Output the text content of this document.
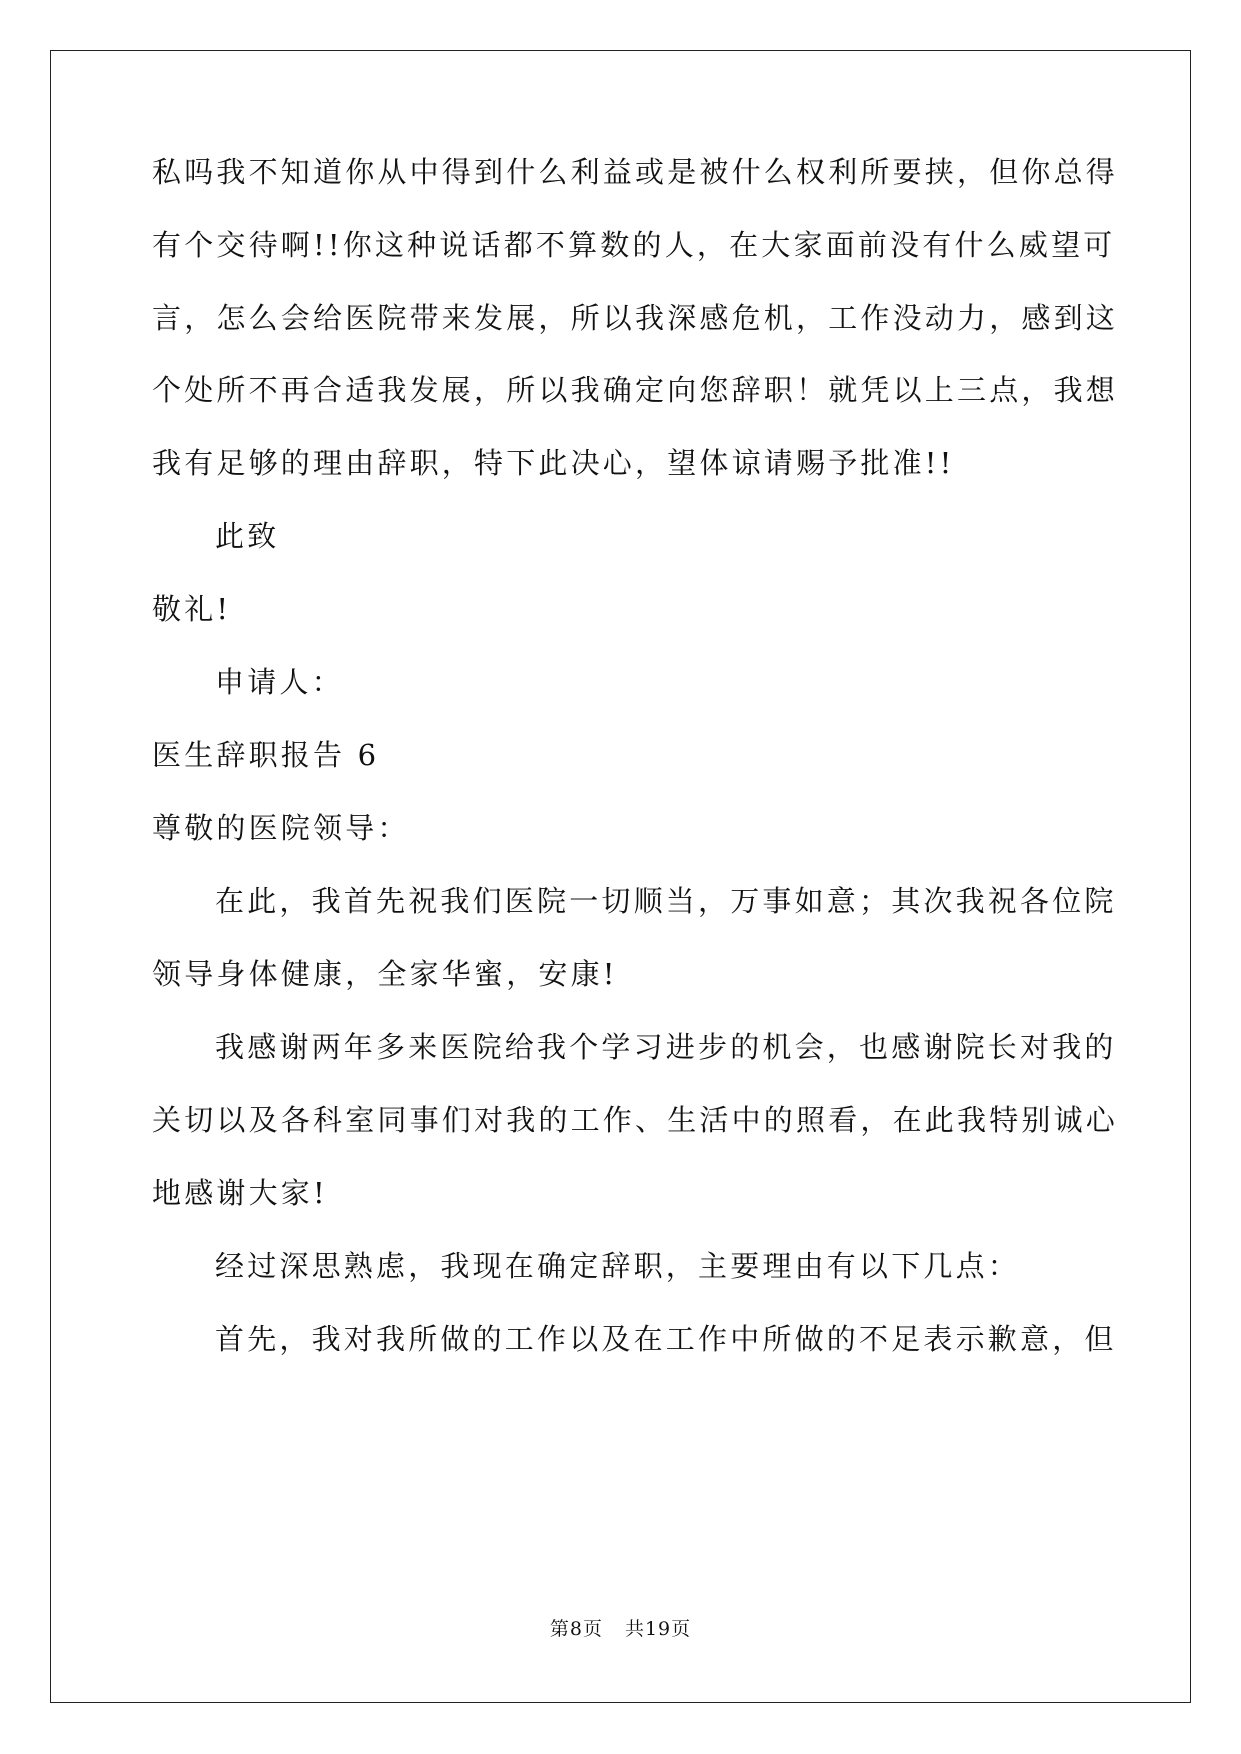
私吗我不知道你从中得到什么利益或是被什么权利所要挟，但你总得
有个交待啊!!你这种说话都不算数的人，在大家面前没有什么威望可
言，怎么会给医院带来发展，所以我深感危机，工作没动力，感到这
个处所不再合适我发展，所以我确定向您辞职！就凭以上三点，我想
我有足够的理由辞职，特下此决心，望体谅请赐予批准!!
此致
敬礼!
申请人：
医生辞职报告 6
尊敬的医院领导：
在此，我首先祝我们医院一切顺当，万事如意；其次我祝各位院
领导身体健康，全家华蜜，安康!
我感谢两年多来医院给我个学习进步的机会，也感谢院长对我的
关切以及各科室同事们对我的工作、生活中的照看，在此我特别诚心
地感谢大家!
经过深思熟虑，我现在确定辞职，主要理由有以下几点：
首先，我对我所做的工作以及在工作中所做的不足表示歉意，但
第8页 共19页
